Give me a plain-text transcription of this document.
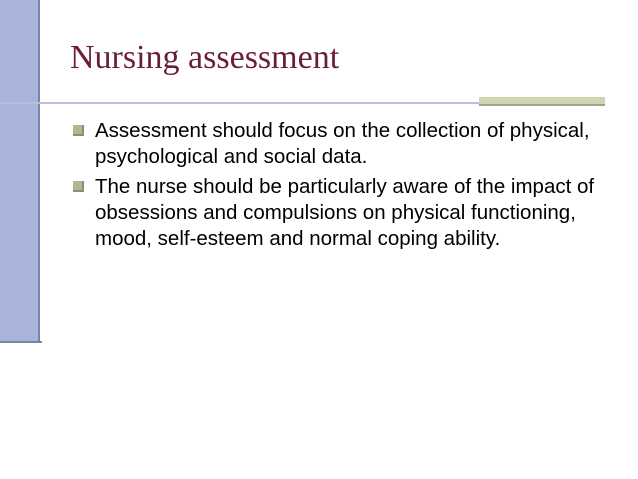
Nursing assessment
Assessment should focus on the collection of physical, psychological and social data.
The nurse should be particularly aware of the impact of obsessions and compulsions on physical functioning, mood, self-esteem and normal coping ability.
